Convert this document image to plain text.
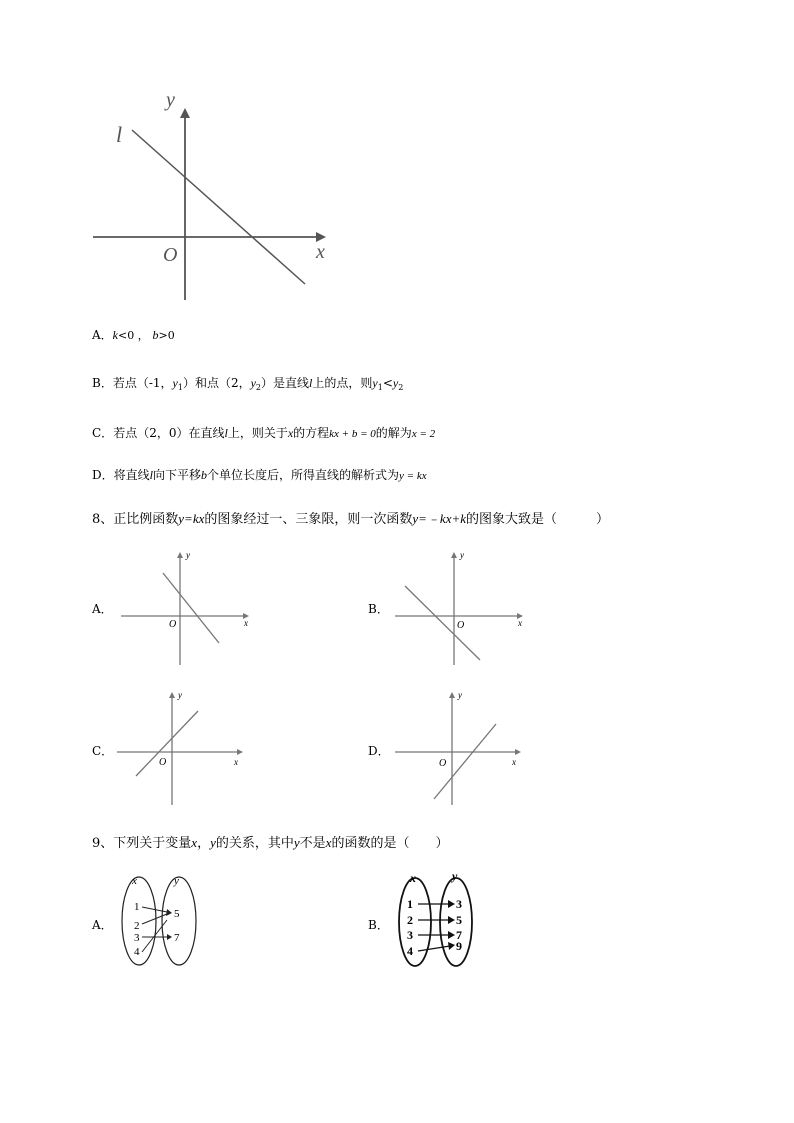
y
x
O
l
A．k<0 ， b>0
B．若点（-1，$y_1$）和点（2，$y_2$）是直线l上的点，则$y_1<y_2$
C．若点（2，0）在直线l上，则关于x的方程kx + b = 0的解为x = 2
D．将直线l向下平移b个单位长度后，所得直线的解析式为y = kx
8、正比例函数y=kx的图象经过一、三象限，则一次函数y=﹣kx+k的图象大致是（　　　）
A．
y
x
O
B．
y
x
O
C．
y
x
O
D．
y
x
O
9、下列关于变量x，y的关系，其中y不是x的函数的是（　　）
A．
x	y
1
2
3
4
5
7
B．
x	y
1
2
3
4
3
5
7
9
